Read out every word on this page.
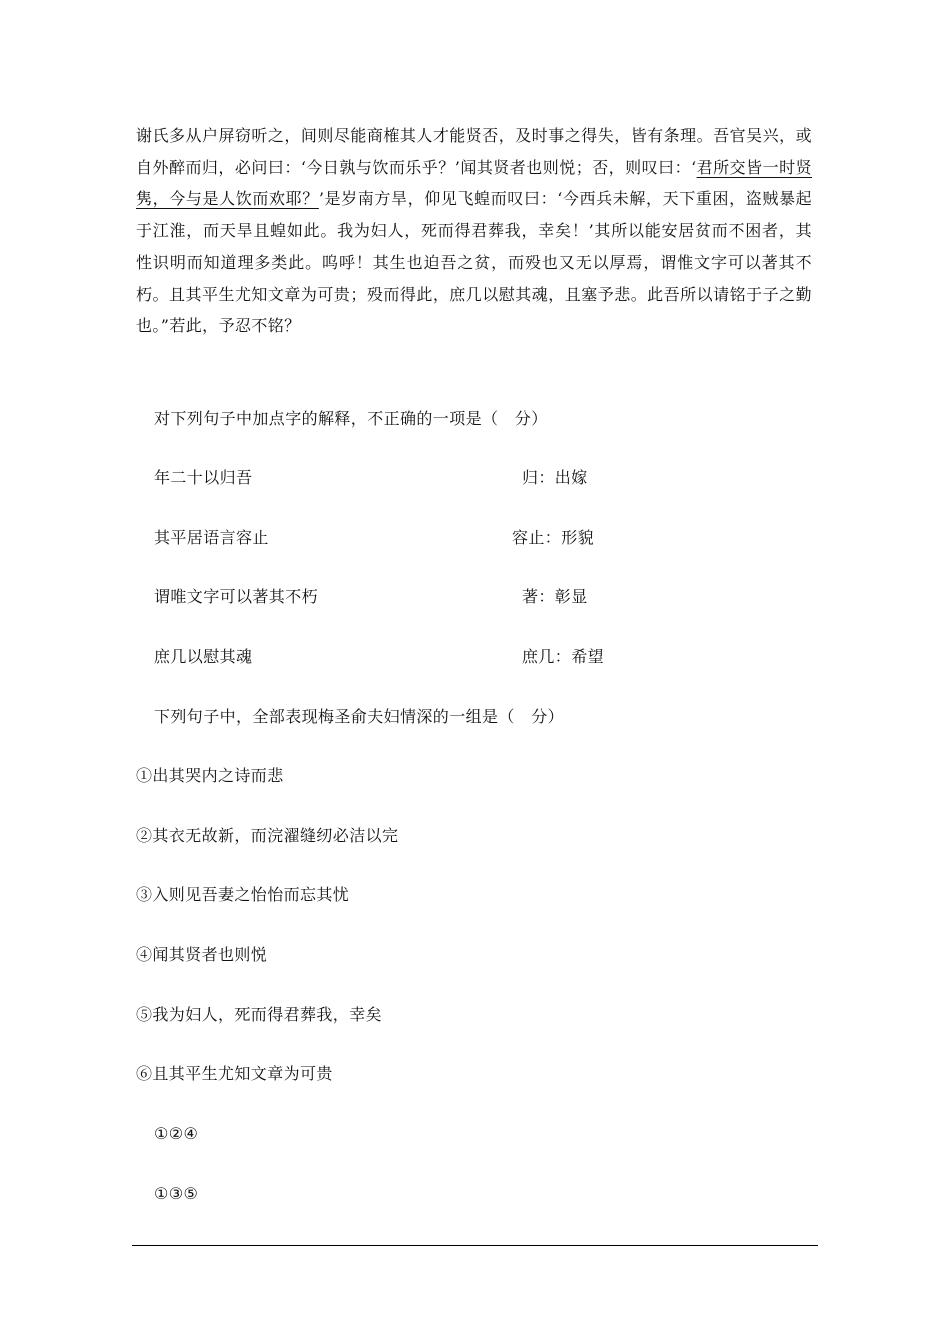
谢氏多从户屏窃听之，间则尽能商榷其人才能贤否，及时事之得失，皆有条理。吾官吴兴，或自外醉而归，必问曰：‘今日孰与饮而乐乎？’闻其贤者也则悦；否，则叹曰：‘君所交皆一时贤隽，今与是人饮而欢耶？’是岁南方旱，仰见飞蝗而叹曰：‘今西兵未解，天下重困，盗贼暴起于江淮，而天旱且蝗如此。我为妇人，死而得君葬我，幸矣！’其所以能安居贫而不困者，其性识明而知道理多类此。呜呼！其生也迫吾之贫，而殁也又无以厚焉，谓惟文字可以著其不朽。且其平生尤知文章为可贵；殁而得此，庶几以慰其魂，且塞予悲。此吾所以请铭于子之勤也。”若此，予忍不铭？

对下列句子中加点字的解释，不正确的一项是（　分）
年二十以归吾	归：出嫁
其平居语言容止	容止：形貌
谓唯文字可以著其不朽	著：彰显
庶几以慰其魂	庶几：希望
下列句子中，全部表现梅圣俞夫妇情深的一组是（　分）
①出其哭内之诗而悲
②其衣无故新，而浣濯缝纫必洁以完
③入则见吾妻之怡怡而忘其忧
④闻其贤者也则悦
⑤我为妇人，死而得君葬我，幸矣
⑥且其平生尤知文章为可贵
①②④
①③⑤
